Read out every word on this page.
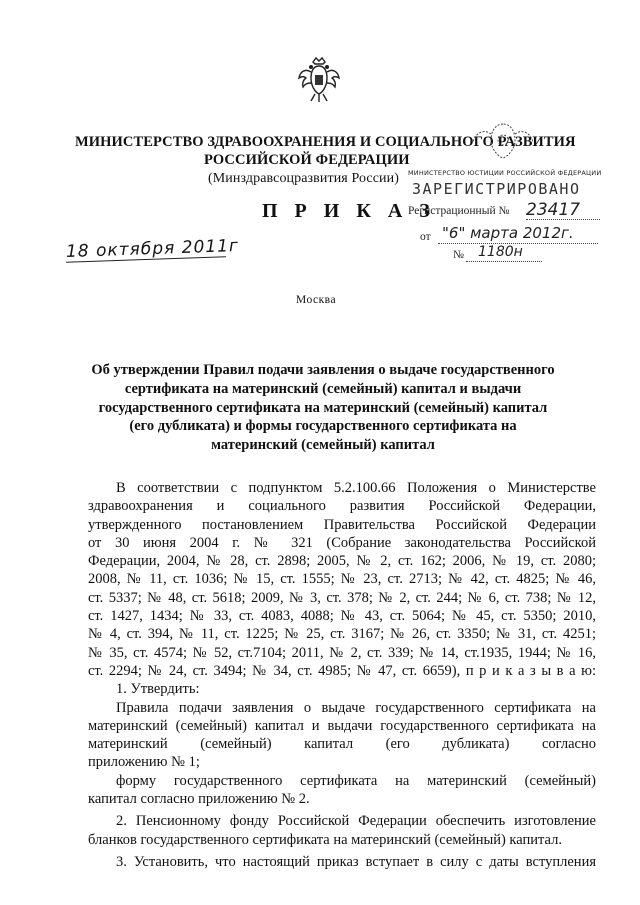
МИНИСТЕРСТВО ЗДРАВООХРАНЕНИЯ И СОЦИАЛЬНОГО РАЗВИТИЯ
РОССИЙСКОЙ ФЕДЕРАЦИИ
(Минздравсоцразвития России)
П Р И К А З
18 октября 2011г
МИНИСТЕРСТВО ЮСТИЦИИ РОССИЙСКОЙ ФЕДЕРАЦИИ
ЗАРЕГИСТРИРОВАНО
Регистрационный № 23417
от "6" марта 2012г.
№ 1180н
Москва
Об утверждении Правил подачи заявления о выдаче государственного
сертификата на материнский (семейный) капитал и выдачи
государственного сертификата на материнский (семейный) капитал
(его дубликата) и формы государственного сертификата на
материнский (семейный) капитал
В соответствии с подпунктом 5.2.100.66 Положения о Министерстве
здравоохранения и социального развития Российской Федерации,
утвержденного постановлением Правительства Российской Федерации
от 30 июня 2004 г. № 321 (Собрание законодательства Российской
Федерации, 2004, № 28, ст. 2898; 2005, № 2, ст. 162; 2006, № 19, ст. 2080;
2008, № 11, ст. 1036; № 15, ст. 1555; № 23, ст. 2713; № 42, ст. 4825; № 46,
ст. 5337; № 48, ст. 5618; 2009, № 3, ст. 378; № 2, ст. 244; № 6, ст. 738; № 12,
ст. 1427, 1434; № 33, ст. 4083, 4088; № 43, ст. 5064; № 45, ст. 5350; 2010,
№ 4, ст. 394, № 11, ст. 1225; № 25, ст. 3167; № 26, ст. 3350; № 31, ст. 4251;
№ 35, ст. 4574; № 52, ст.7104; 2011, № 2, ст. 339; № 14, ст.1935, 1944; № 16,
ст. 2294; № 24, ст. 3494; № 34, ст. 4985; № 47, ст. 6659), п р и к а з ы в а ю:
1. Утвердить:
Правила подачи заявления о выдаче государственного сертификата на
материнский (семейный) капитал и выдачи государственного сертификата на
материнский (семейный) капитал (его дубликата) согласно
приложению № 1;
форму государственного сертификата на материнский (семейный)
капитал согласно приложению № 2.
2. Пенсионному фонду Российской Федерации обеспечить изготовление
бланков государственного сертификата на материнский (семейный) капитал.
3. Установить, что настоящий приказ вступает в силу с даты вступления
